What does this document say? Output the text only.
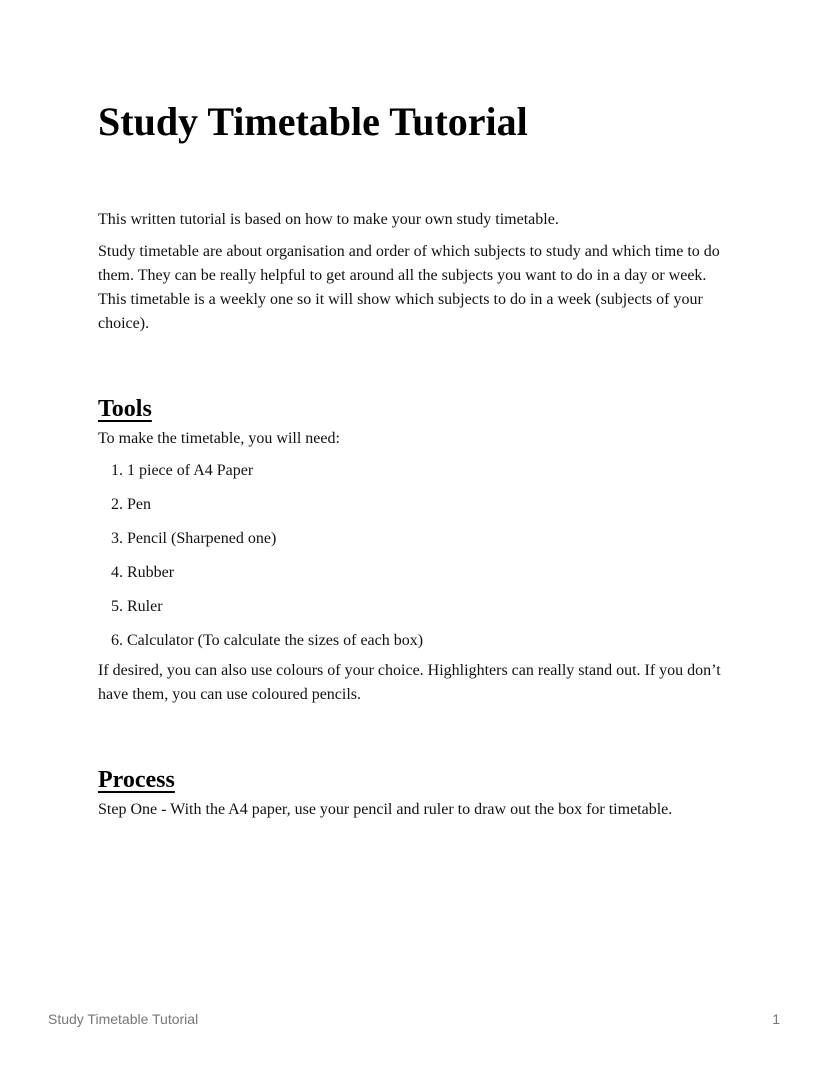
Study Timetable Tutorial

This written tutorial is based on how to make your own study timetable.

Study timetable are about organisation and order of which subjects to study and which time to do them. They can be really helpful to get around all the subjects you want to do in a day or week. This timetable is a weekly one so it will show which subjects to do in a week (subjects of your choice).

Tools

To make the timetable, you will need:

1. 1 piece of A4 Paper
2. Pen
3. Pencil (Sharpened one)
4. Rubber
5. Ruler
6. Calculator (To calculate the sizes of each box)

If desired, you can also use colours of your choice. Highlighters can really stand out. If you don’t have them, you can use coloured pencils.

Process

Step One - With the A4 paper, use your pencil and ruler to draw out the box for timetable.

Study Timetable Tutorial	1
